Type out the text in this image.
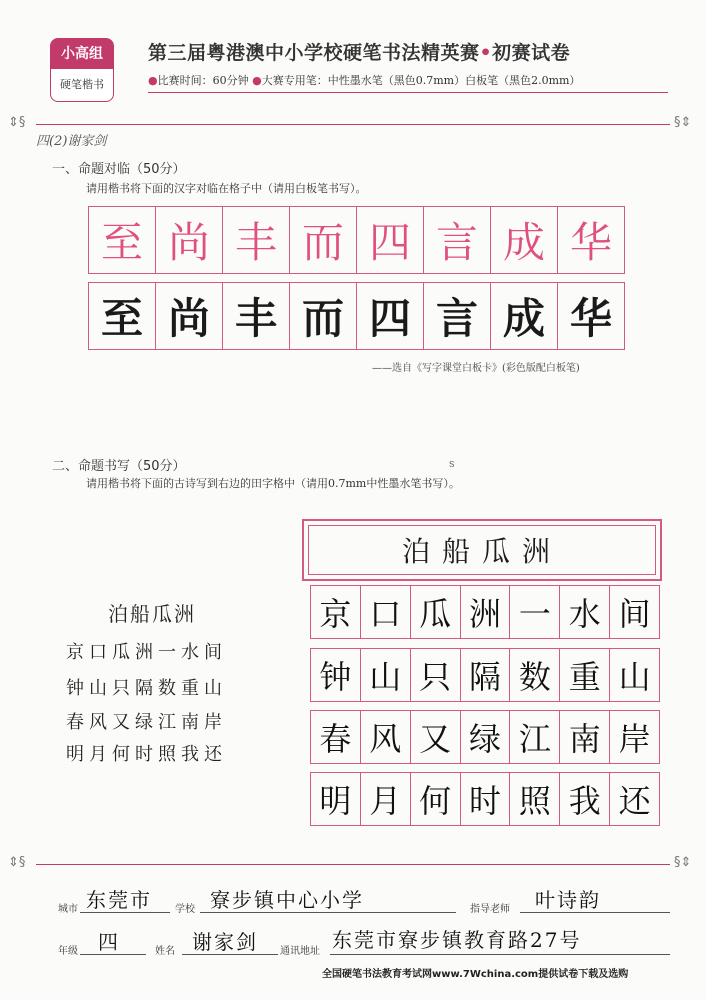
小高组
硬笔楷书
第三届粤港澳中小学校硬笔书法精英赛•初赛试卷
●比赛时间：60分钟 ●大赛专用笔：中性墨水笔（黑色0.7mm）白板笔（黑色2.0mm）
⇕§	§⇕
四(2)谢家剑
一、命题对临（50分）
请用楷书将下面的汉字对临在格子中（请用白板笔书写）。
至 尚 丰 而 四 言 成 华
至 尚 丰 而 四 言 成 华
——选自《写字课堂白板卡》(彩色版配白板笔)
二、命题书写（50分）	S
请用楷书将下面的古诗写到右边的田字格中（请用0.7mm中性墨水笔书写）。
泊船瓜洲
京口瓜洲一水间
钟山只隔数重山
春风又绿江南岸
明月何时照我还
泊船瓜洲
京 口 瓜 洲 一 水 间
钟 山 只 隔 数 重 山
春 风 又 绿 江 南 岸
明 月 何 时 照 我 还
⇕§	§⇕
城市 东莞市 学校 寮步镇中心小学	指导老师 叶诗韵
年级 四	姓名 谢家剑 通讯地址 东莞市寮步镇教育路27号
全国硬笔书法教育考试网www.7Wchina.com提供试卷下载及选购
